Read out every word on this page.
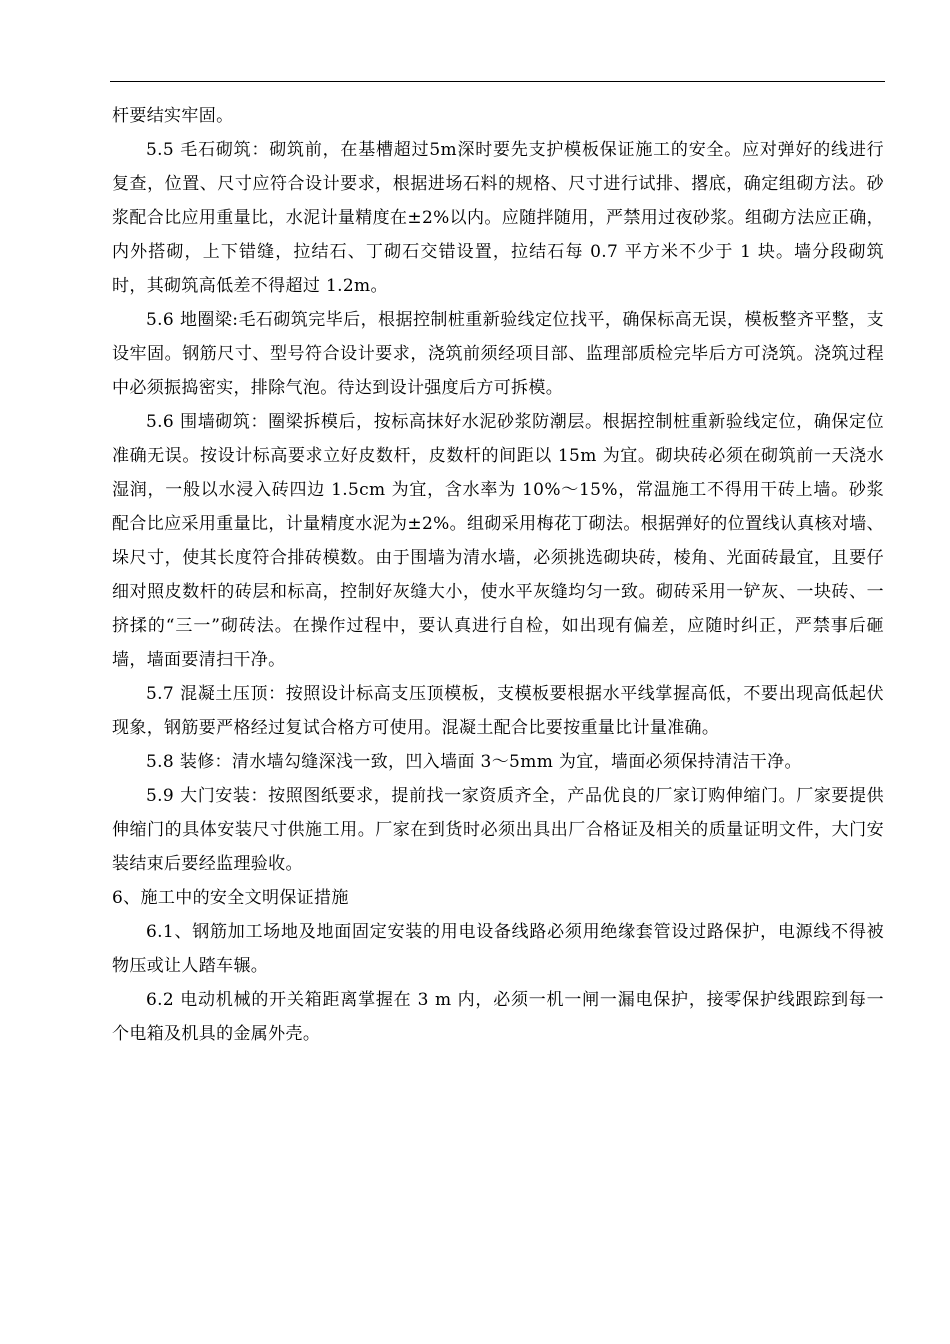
杆要结实牢固。

5.5 毛石砌筑：砌筑前，在基槽超过5m深时要先支护模板保证施工的安全。应对弹好的线进行复查，位置、尺寸应符合设计要求，根据进场石料的规格、尺寸进行试排、撂底，确定组砌方法。砂浆配合比应用重量比，水泥计量精度在±2%以内。应随拌随用，严禁用过夜砂浆。组砌方法应正确，内外搭砌，上下错缝，拉结石、丁砌石交错设置，拉结石每 0.7 平方米不少于 1 块。墙分段砌筑时，其砌筑高低差不得超过 1.2m。

5.6 地圈梁:毛石砌筑完毕后，根据控制桩重新验线定位找平，确保标高无误，模板整齐平整，支设牢固。钢筋尺寸、型号符合设计要求，浇筑前须经项目部、监理部质检完毕后方可浇筑。浇筑过程中必须振捣密实，排除气泡。待达到设计强度后方可拆模。

5.6 围墙砌筑：圈梁拆模后，按标高抹好水泥砂浆防潮层。根据控制桩重新验线定位，确保定位准确无误。按设计标高要求立好皮数杆，皮数杆的间距以 15m 为宜。砌块砖必须在砌筑前一天浇水湿润，一般以水浸入砖四边 1.5cm 为宜，含水率为 10%～15%，常温施工不得用干砖上墙。砂浆配合比应采用重量比，计量精度水泥为±2%。组砌采用梅花丁砌法。根据弹好的位置线认真核对墙、垛尺寸，使其长度符合排砖模数。由于围墙为清水墙，必须挑选砌块砖，棱角、光面砖最宜，且要仔细对照皮数杆的砖层和标高，控制好灰缝大小，使水平灰缝均匀一致。砌砖采用一铲灰、一块砖、一挤揉的“三一”砌砖法。在操作过程中，要认真进行自检，如出现有偏差，应随时纠正，严禁事后砸墙，墙面要清扫干净。

5.7 混凝土压顶：按照设计标高支压顶模板，支模板要根据水平线掌握高低，不要出现高低起伏现象，钢筋要严格经过复试合格方可使用。混凝土配合比要按重量比计量准确。

5.8 装修：清水墙勾缝深浅一致，凹入墙面 3～5mm 为宜，墙面必须保持清洁干净。

5.9 大门安装：按照图纸要求，提前找一家资质齐全，产品优良的厂家订购伸缩门。厂家要提供伸缩门的具体安装尺寸供施工用。厂家在到货时必须出具出厂合格证及相关的质量证明文件，大门安装结束后要经监理验收。

6、施工中的安全文明保证措施

6.1、钢筋加工场地及地面固定安装的用电设备线路必须用绝缘套管设过路保护，电源线不得被物压或让人踏车辗。

6.2 电动机械的开关箱距离掌握在 3 m 内，必须一机一闸一漏电保护，接零保护线跟踪到每一个电箱及机具的金属外壳。
